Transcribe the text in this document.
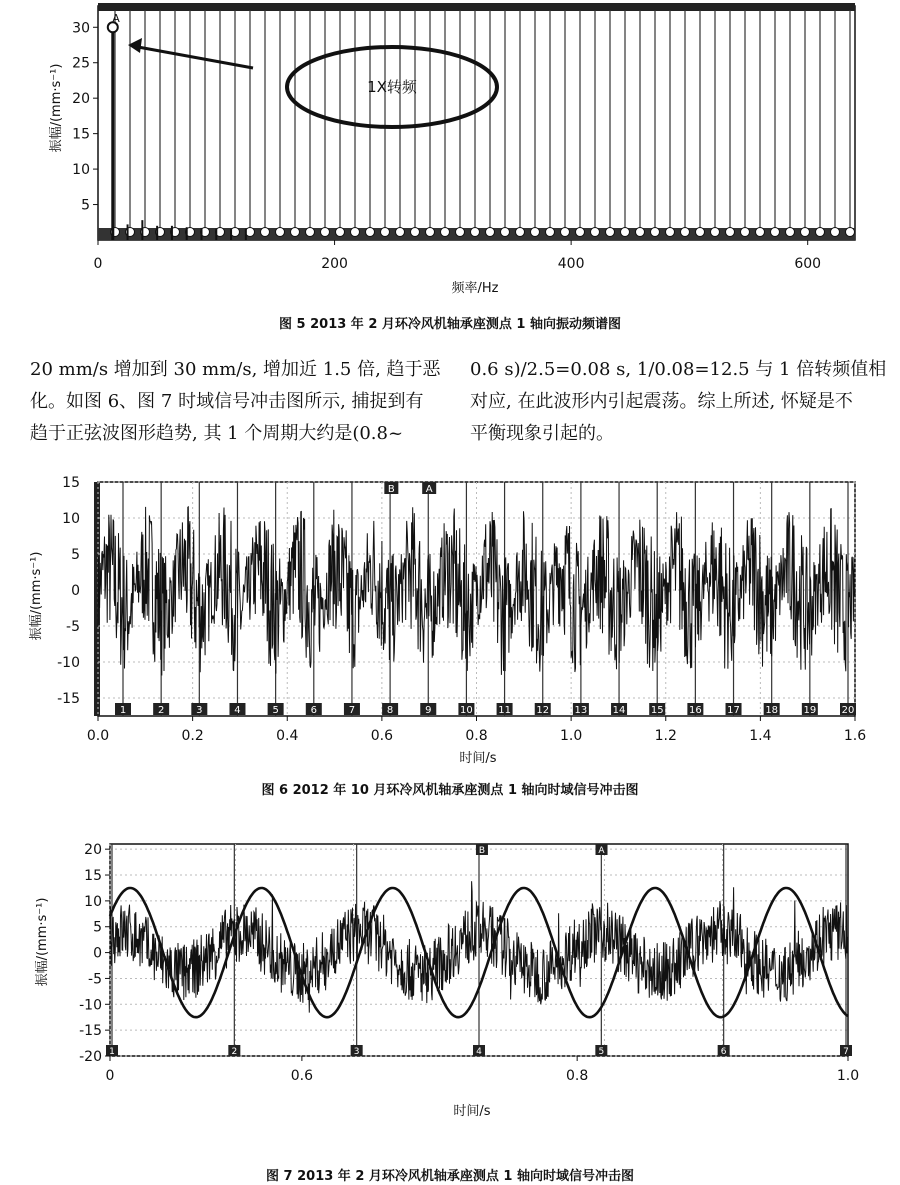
5
10
15
20
25
30
0	200	400	600
振幅/(mm·s⁻¹)
频率/Hz
A
1X转频
图 5 2013 年 2 月环冷风机轴承座测点 1 轴向振动频谱图
20 mm/s 增加到 30 mm/s, 增加近 1.5 倍, 趋于恶
化。如图 6、图 7 时域信号冲击图所示, 捕捉到有
趋于正弦波图形趋势, 其 1 个周期大约是(0.8~
0.6 s)/2.5=0.08 s, 1/0.08=12.5 与 1 倍转频值相
对应, 在此波形内引起震荡。综上所述, 怀疑是不
平衡现象引起的。
1	2	3	4	5	6	7	8	9	10	11	12	13	14	15	16	17	18	19	20
B	A
-15
-10
-5
0
5
10
15
0.0	0.2	0.4	0.6	0.8	1.0	1.2	1.4	1.6
振幅/(mm·s⁻¹)
时间/s
图 6 2012 年 10 月环冷风机轴承座测点 1 轴向时域信号冲击图
1	2	3	4	5	6	7
B	A
-20
-15
-10
-5
0
5
10
15
20
0	0.6	0.8	1.0
振幅/(mm·s⁻¹)
时间/s
图 7 2013 年 2 月环冷风机轴承座测点 1 轴向时域信号冲击图
